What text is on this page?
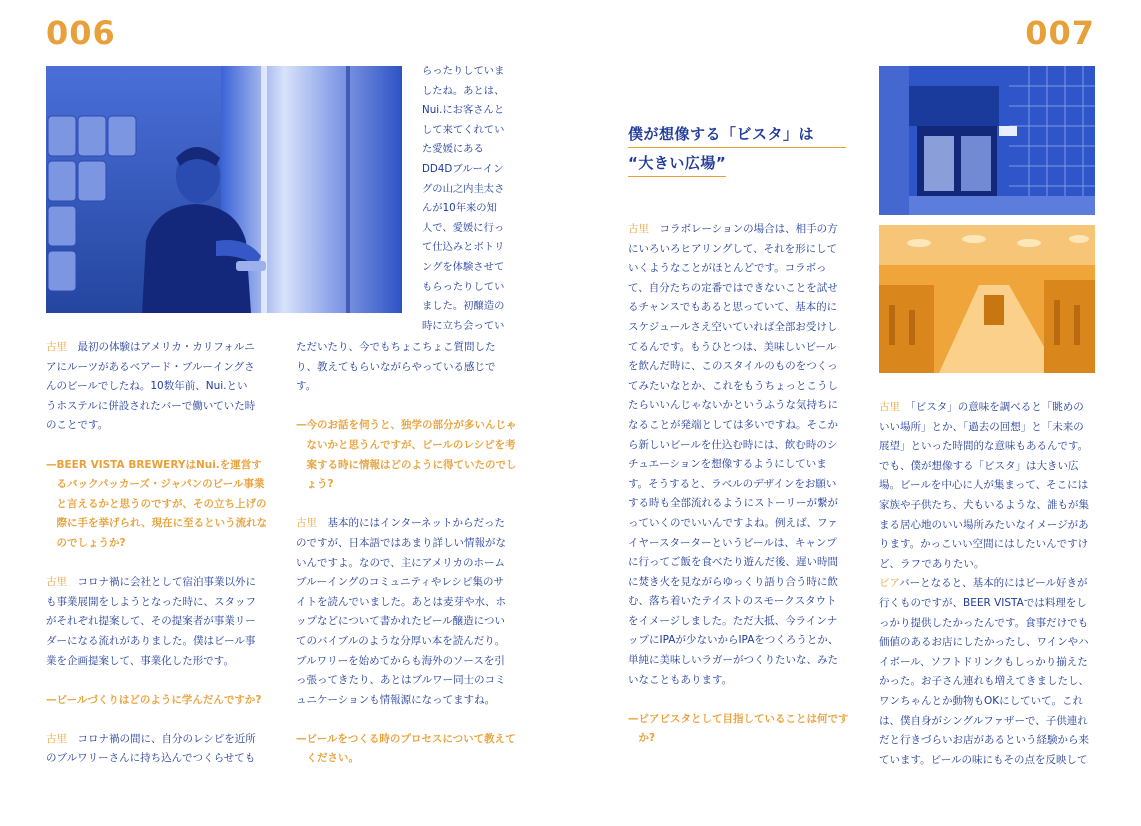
006	007

らったりしていま
したね。あとは、
Nui.にお客さんと
して来てくれてい
た愛媛にある
DD4Dブルーイン
グの山之内圭太さ
んが10年来の知
人で、愛媛に行っ
て仕込みとボトリ
ングを体験させて
もらったりしてい
ました。初醸造の
時に立ち会ってい

古里　 最初の体験はアメリカ・カリフォルニ
アにルーツがあるベアード・ブルーイングさ
んのビールでしたね。10数年前、Nui.とい
うホステルに併設されたバーで働いていた時
のことです。

—BEER VISTA BREWERYはNui.を運営す
　るバックパッカーズ・ジャパンのビール事業
　と言えるかと思うのですが、その立ち上げの
　際に手を挙げられ、現在に至るという流れな
　のでしょうか?

古里　 コロナ禍に会社として宿泊事業以外に
も事業展開をしようとなった時に、スタッフ
がそれぞれ提案して、その提案者が事業リー
ダーになる流れがありました。僕はビール事
業を企画提案して、事業化した形です。

—ビールづくりはどのように学んだんですか?

古里　 コロナ禍の間に、自分のレシピを近所
のブルワリーさんに持ち込んでつくらせても

ただいたり、今でもちょこちょこ質問した
り、教えてもらいながらやっている感じで
す。

—今のお話を伺うと、独学の部分が多いんじゃ
　ないかと思うんですが、ビールのレシピを考
　案する時に情報はどのように得ていたのでし
　ょう?

古里　 基本的にはインターネットからだった
のですが、日本語ではあまり詳しい情報がな
いんですよ。なので、主にアメリカのホーム
ブルーイングのコミュニティやレシピ集のサ
イトを読んでいました。あとは麦芽や水、ホ
ップなどについて書かれたビール醸造につい
てのバイブルのような分厚い本を読んだり。
ブルワリーを始めてからも海外のソースを引
っ張ってきたり、あとはブルワー同士のコミ
ュニケーションも情報源になってますね。

—ビールをつくる時のプロセスについて教えて
　ください。

僕が想像する「ビスタ」は
“大きい広場”

古里　 コラボレーションの場合は、相手の方
にいろいろヒアリングして、それを形にして
いくようなことがほとんどです。コラボっ
て、自分たちの定番ではできないことを試せ
るチャンスでもあると思っていて、基本的に
スケジュールさえ空いていれば全部お受けし
てるんです。もうひとつは、美味しいビール
を飲んだ時に、このスタイルのものをつくっ
てみたいなとか、これをもうちょっとこうし
たらいいんじゃないかというふうな気持ちに
なることが発端としては多いですね。そこか
ら新しいビールを仕込む時には、飲む時のシ
チュエーションを想像するようにしていま
す。そうすると、ラベルのデザインをお願い
する時も全部流れるようにストーリーが繋が
っていくのでいいんですよね。例えば、ファ
イヤースターターというビールは、キャンプ
に行ってご飯を食べたり遊んだ後、遅い時間
に焚き火を見ながらゆっくり語り合う時に飲
む、落ち着いたテイストのスモークスタウト
をイメージしました。ただ大抵、今ラインナ
ップにIPAが少ないからIPAをつくろうとか、
単純に美味しいラガーがつくりたいな、みた
いなこともあります。

—ビアビスタとして目指していることは何です
　か?

古里　 「ビスタ」の意味を調べると「眺めの
いい場所」とか、「過去の回想」と「未来の
展望」といった時間的な意味もあるんです。
でも、僕が想像する「ビスタ」は大きい広
場。ビールを中心に人が集まって、そこには
家族や子供たち、犬もいるような、誰もが集
まる居心地のいい場所みたいなイメージがあ
ります。かっこいい空間にはしたいんですけ
ど、ラフでありたい。

ビアバーとなると、基本的にはビール好きが
行くものですが、BEER VISTAでは料理をし
っかり提供したかったんです。食事だけでも
価値のあるお店にしたかったし、ワインやハ
イボール、ソフトドリンクもしっかり揃えた
かった。お子さん連れも増えてきましたし、
ワンちゃんとか動物もOKにしていて。これ
は、僕自身がシングルファザーで、子供連れ
だと行きづらいお店があるという経験から来
ています。ビールの味にもその点を反映して
